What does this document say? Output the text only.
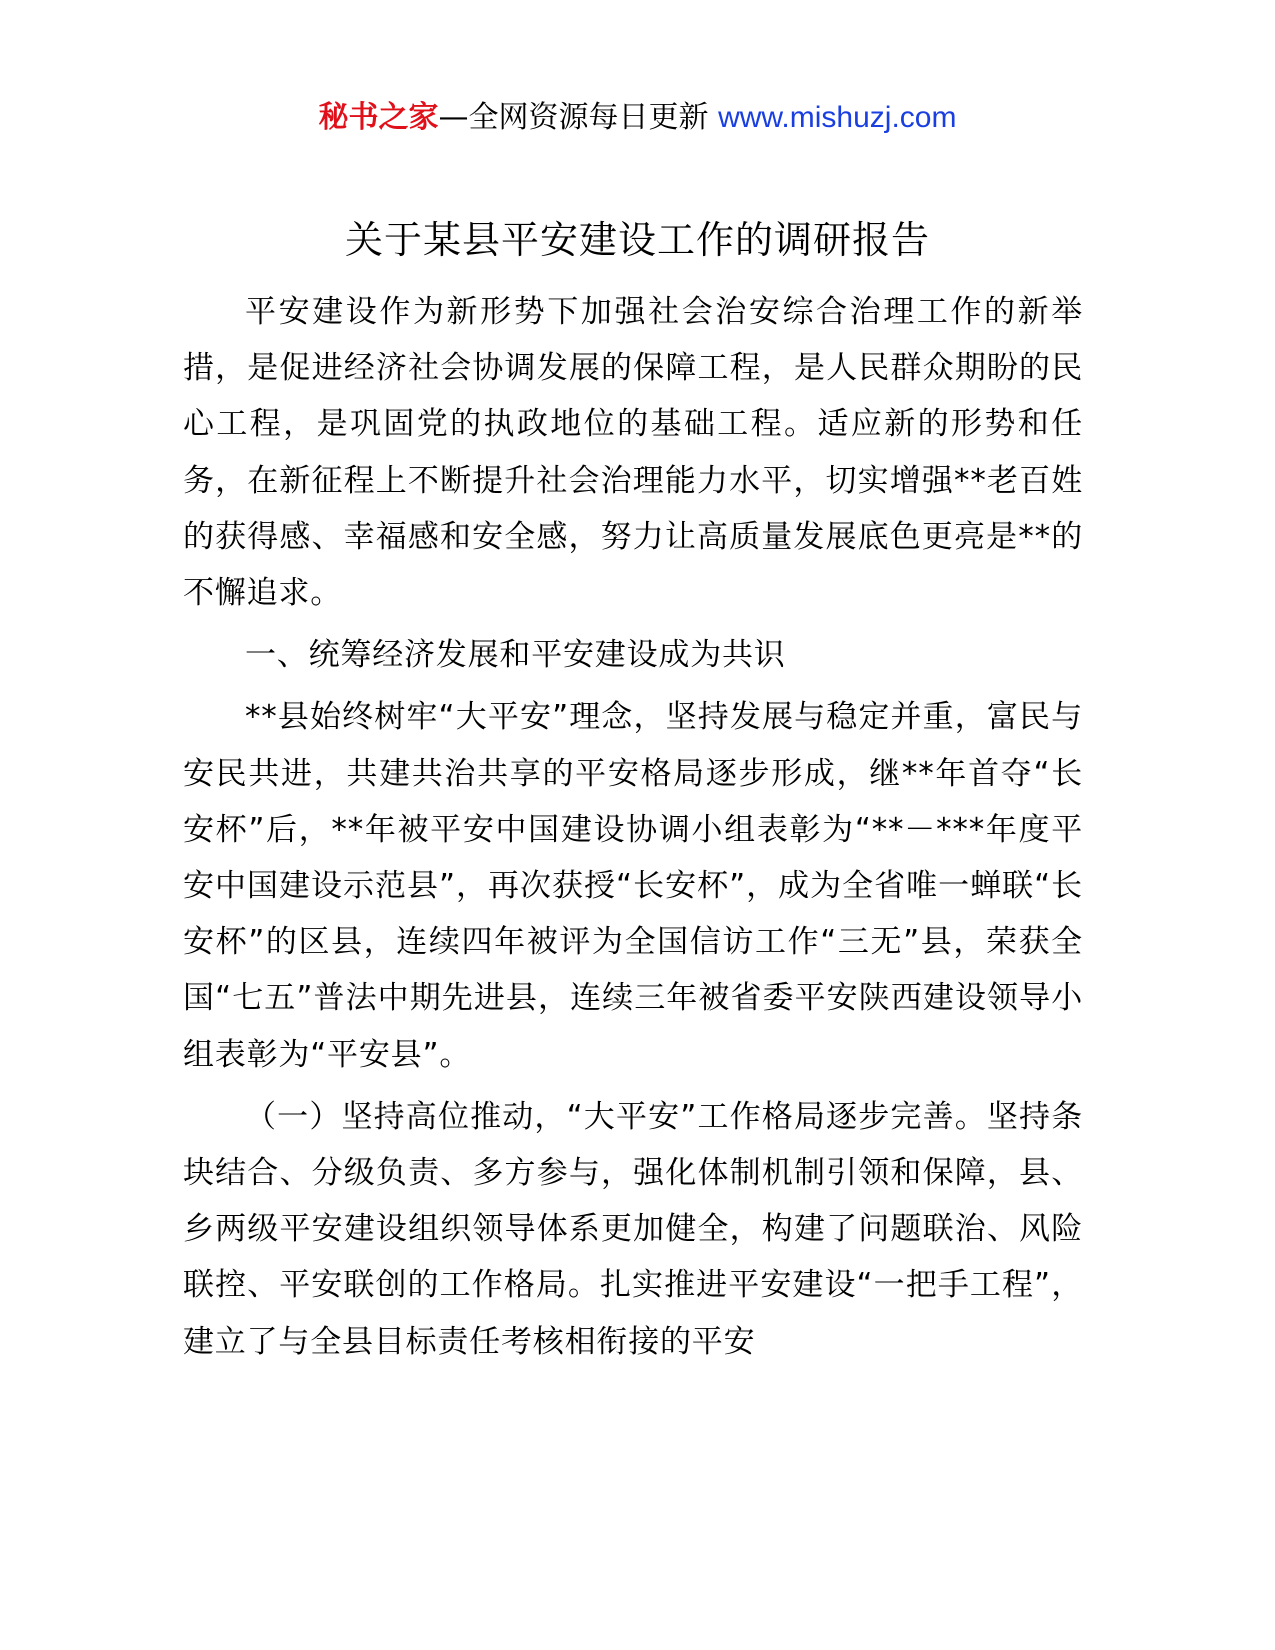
秘书之家—全网资源每日更新 www.mishuzj.com
关于某县平安建设工作的调研报告

平安建设作为新形势下加强社会治安综合治理工作的新举措，是促进经济社会协调发展的保障工程，是人民群众期盼的民心工程，是巩固党的执政地位的基础工程。适应新的形势和任务，在新征程上不断提升社会治理能力水平，切实增强**老百姓的获得感、幸福感和安全感，努力让高质量发展底色更亮是**的不懈追求。

一、统筹经济发展和平安建设成为共识

**县始终树牢“大平安”理念，坚持发展与稳定并重，富民与安民共进，共建共治共享的平安格局逐步形成，继**年首夺“长安杯”后，**年被平安中国建设协调小组表彰为“**－***年度平安中国建设示范县”，再次获授“长安杯”，成为全省唯一蝉联“长安杯”的区县，连续四年被评为全国信访工作“三无”县，荣获全国“七五”普法中期先进县，连续三年被省委平安陕西建设领导小组表彰为“平安县”。

（一）坚持高位推动，“大平安”工作格局逐步完善。坚持条块结合、分级负责、多方参与，强化体制机制引领和保障，县、乡两级平安建设组织领导体系更加健全，构建了问题联治、风险联控、平安联创的工作格局。扎实推进平安建设“一把手工程”，建立了与全县目标责任考核相衔接的平安
